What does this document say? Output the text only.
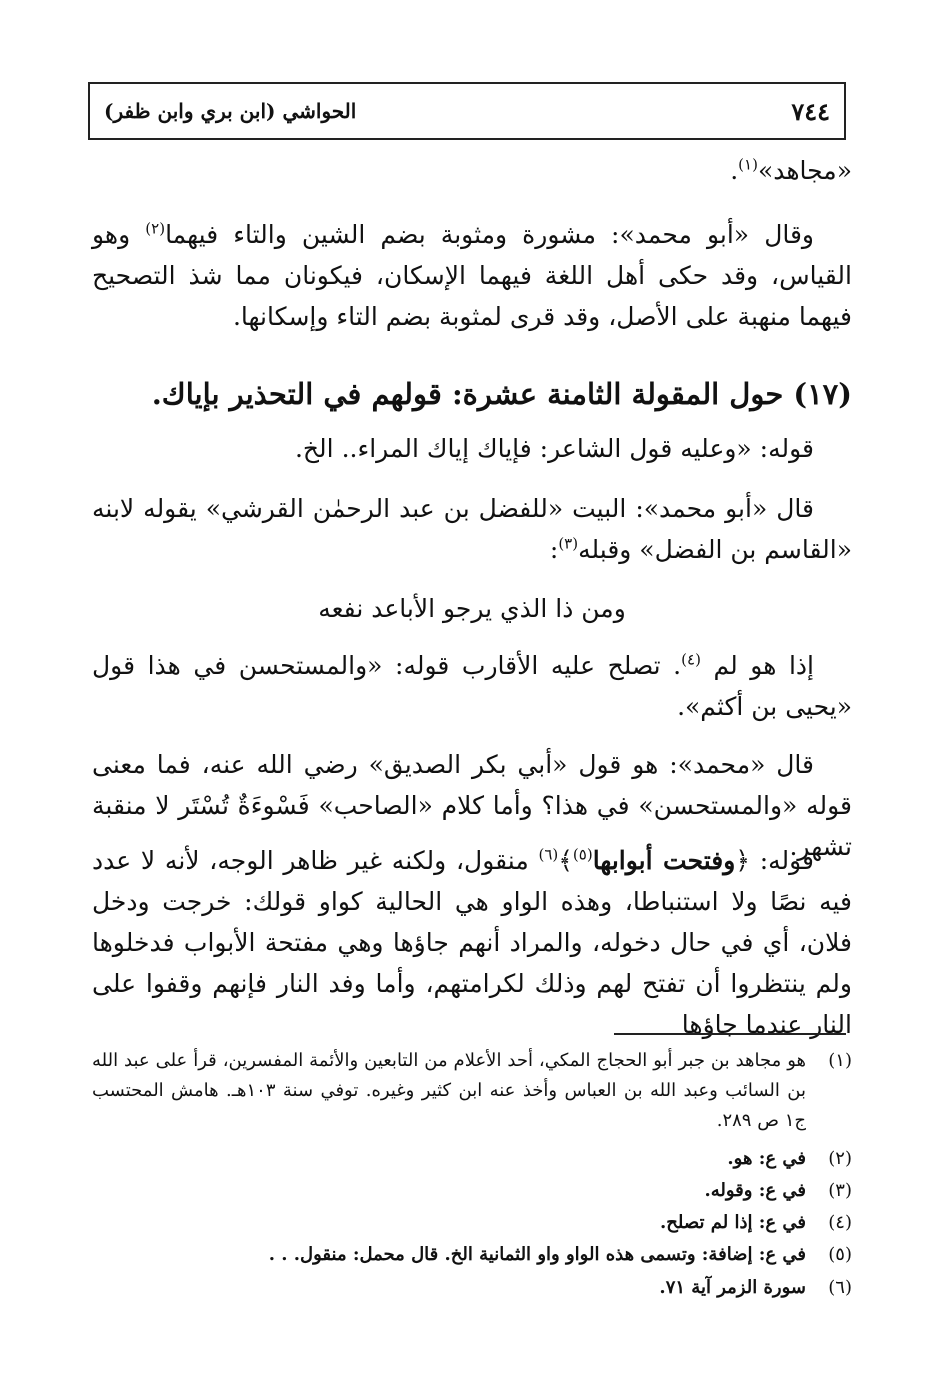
٧٤٤
الحواشي (ابن بري وابن ظفر)

«مجاهد»$^{(١)}$.

وقال «أبو محمد»: مشورة ومثوبة بضم الشين والتاء فيهما$^{(٢)}$ وهو القياس، وقد حكى أهل اللغة فيهما الإسكان، فيكونان مما شذ التصحيح فيهما منهبة على الأصل، وقد قرى لمثوبة بضم التاء وإسكانها.

(١٧) حول المقولة الثامنة عشرة: قولهم في التحذير بإياك.

قوله: «وعليه قول الشاعر: فإياك إياك المراء.. الخ.

قال «أبو محمد»: البيت «للفضل بن عبد الرحمٰن القرشي» يقوله لابنه «القاسم بن الفضل» وقبله$^{(٣)}$:

ومن ذا الذي يرجو الأباعد نفعه

إذا هو لم $^{(٤)}$. تصلح عليه الأقارب قوله: «والمستحسن في هذا قول «يحيى بن أكثم».

قال «محمد»: هو قول «أبي بكر الصديق» رضي الله عنه، فما معنى قوله «والمستحسن» في هذا؟ وأما كلام «الصاحب» فَسْوءَةٌ تُسْتَر لا منقبة تشهر.

قوله: ﴿وفتحت أبوابها$^{(٥)}$﴾$^{(٦)}$ منقول، ولكنه غير ظاهر الوجه، لأنه لا عدد فيه نصًا ولا استنباطا، وهذه الواو هي الحالية كواو قولك: خرجت ودخل فلان، أي في حال دخوله، والمراد أنهم جاؤها وهي مفتحة الأبواب فدخلوها ولم ينتظروا أن تفتح لهم وذلك لكرامتهم، وأما وفد النار فإنهم وقفوا على النار عندما جاؤها

(١)
هو مجاهد بن جبر أبو الحجاج المكي، أحد الأعلام من التابعين والأئمة المفسرين، قرأ على عبد الله بن السائب وعبد الله بن العباس وأخذ عنه ابن كثير وغيره. توفي سنة ١٠٣هـ. هامش المحتسب ج١ ص ٢٨٩.
(٢)
في ع: هو.
(٣)
في ع: وقوله.
(٤)
في ع: إذا لم تصلح.
(٥)
في ع: إضافة: وتسمى هذه الواو واو الثمانية الخ. قال محمل: منقول. . .
(٦)
سورة الزمر آية ٧١.
